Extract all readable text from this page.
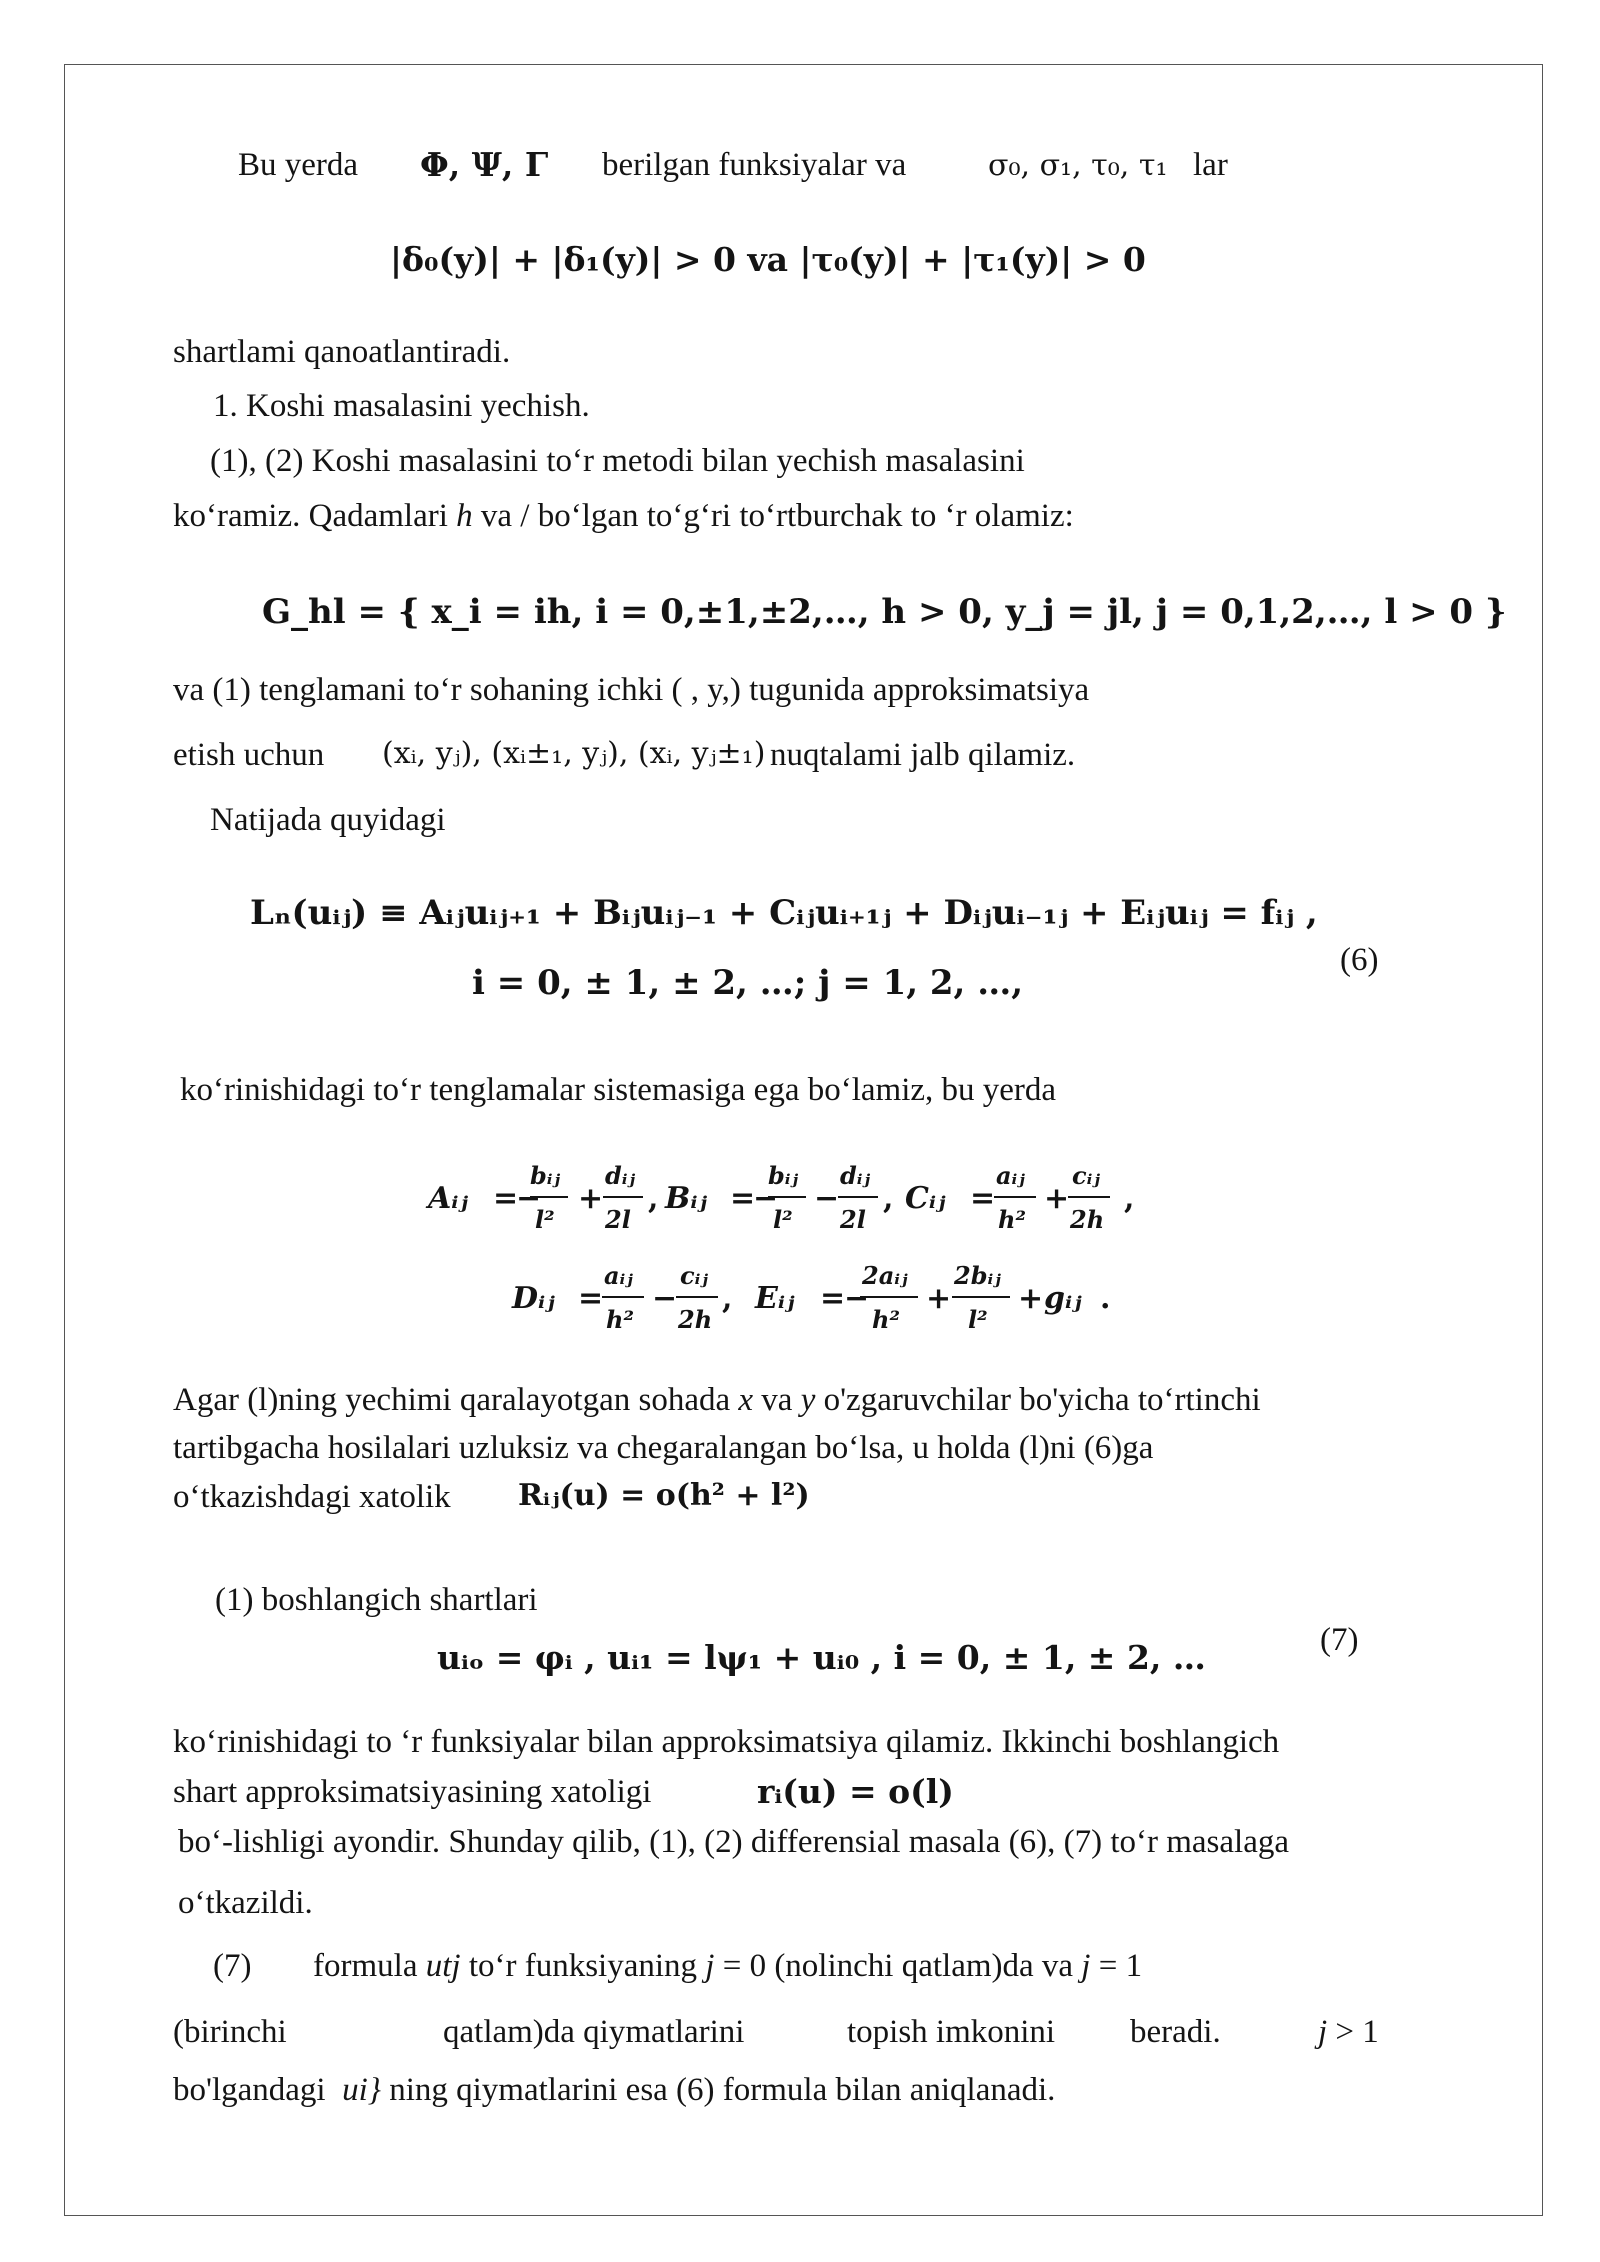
Bu yerda Φ, Ψ, Γ berilgan funksiyalar va	σ₀, σ₁, τ₀, τ₁ lar
|δ₀(y)| + |δ₁(y)| > 0 va |τ₀(y)| + |τ₁(y)| > 0
shartlami qanoatlantiradi.
1. Koshi masalasini yechish.
(1), (2) Koshi masalasini to‘r metodi bilan yechish masalasini
ko‘ramiz. Qadamlari h va / bo‘lgan to‘g‘ri to‘rtburchak to ‘r olamiz:
G_hl = { x_i = ih, i = 0,±1,±2,…, h > 0, y_j = jl, j = 0,1,2,…, l > 0 }
va (1) tenglamani to‘r sohaning ichki ( , y,) tugunida approksimatsiya
etish uchun (xᵢ, yⱼ), (xᵢ±₁, yⱼ), (xᵢ, yⱼ±₁) nuqtalami jalb qilamiz.
Natijada quyidagi
Lₙ(uᵢⱼ) ≡ Aᵢⱼuᵢⱼ₊₁ + Bᵢⱼuᵢⱼ₋₁ + Cᵢⱼuᵢ₊₁ⱼ + Dᵢⱼuᵢ₋₁ⱼ + Eᵢⱼuᵢⱼ = fᵢⱼ ,
i = 0, ± 1, ± 2, …; j = 1, 2, …,
(6)
ko‘rinishidagi to‘r tenglamalar sistemasiga ega bo‘lamiz, bu yerda
Aᵢⱼ =
−
bᵢⱼ
l²
+
dᵢⱼ
2l
, Bᵢⱼ =
−
bᵢⱼ
l²
−
dᵢⱼ
2l
, Cᵢⱼ =
aᵢⱼ
h²
+
cᵢⱼ
2h
,
Dᵢⱼ =
aᵢⱼ
h²
−
cᵢⱼ
2h
, Eᵢⱼ =
−
2aᵢⱼ
h²
+
2bᵢⱼ
l²
+ gᵢⱼ .
Agar (l)ning yechimi qaralayotgan sohada x va y o'zgaruvchilar bo'yicha to‘rtinchi
tartibgacha hosilalari uzluksiz va chegaralangan bo‘lsa, u holda (l)ni (6)ga
o‘tkazishdagi xatolik Rᵢⱼ(u) = o(h² + l²)
(1) boshlangich shartlari
uᵢₒ = φᵢ , uᵢ₁ = lψ₁ + uᵢ₀ , i = 0, ± 1, ± 2, …	(7)
ko‘rinishidagi to ‘r funksiyalar bilan approksimatsiya qilamiz. Ikkinchi boshlangich
shart approksimatsiyasining xatoligi	rᵢ(u) = o(l)
bo‘-lishligi ayondir. Shunday qilib, (1), (2) differensial masala (6), (7) to‘r masalaga
o‘tkazildi.
(7) formula utj to‘r funksiyaning j = 0 (nolinchi qatlam)da va j = 1
(birinchi	qatlam)da qiymatlarini	topish imkonini beradi.	j > 1
bo'lgandagi ui} ning qiymatlarini esa (6) formula bilan aniqlanadi.
